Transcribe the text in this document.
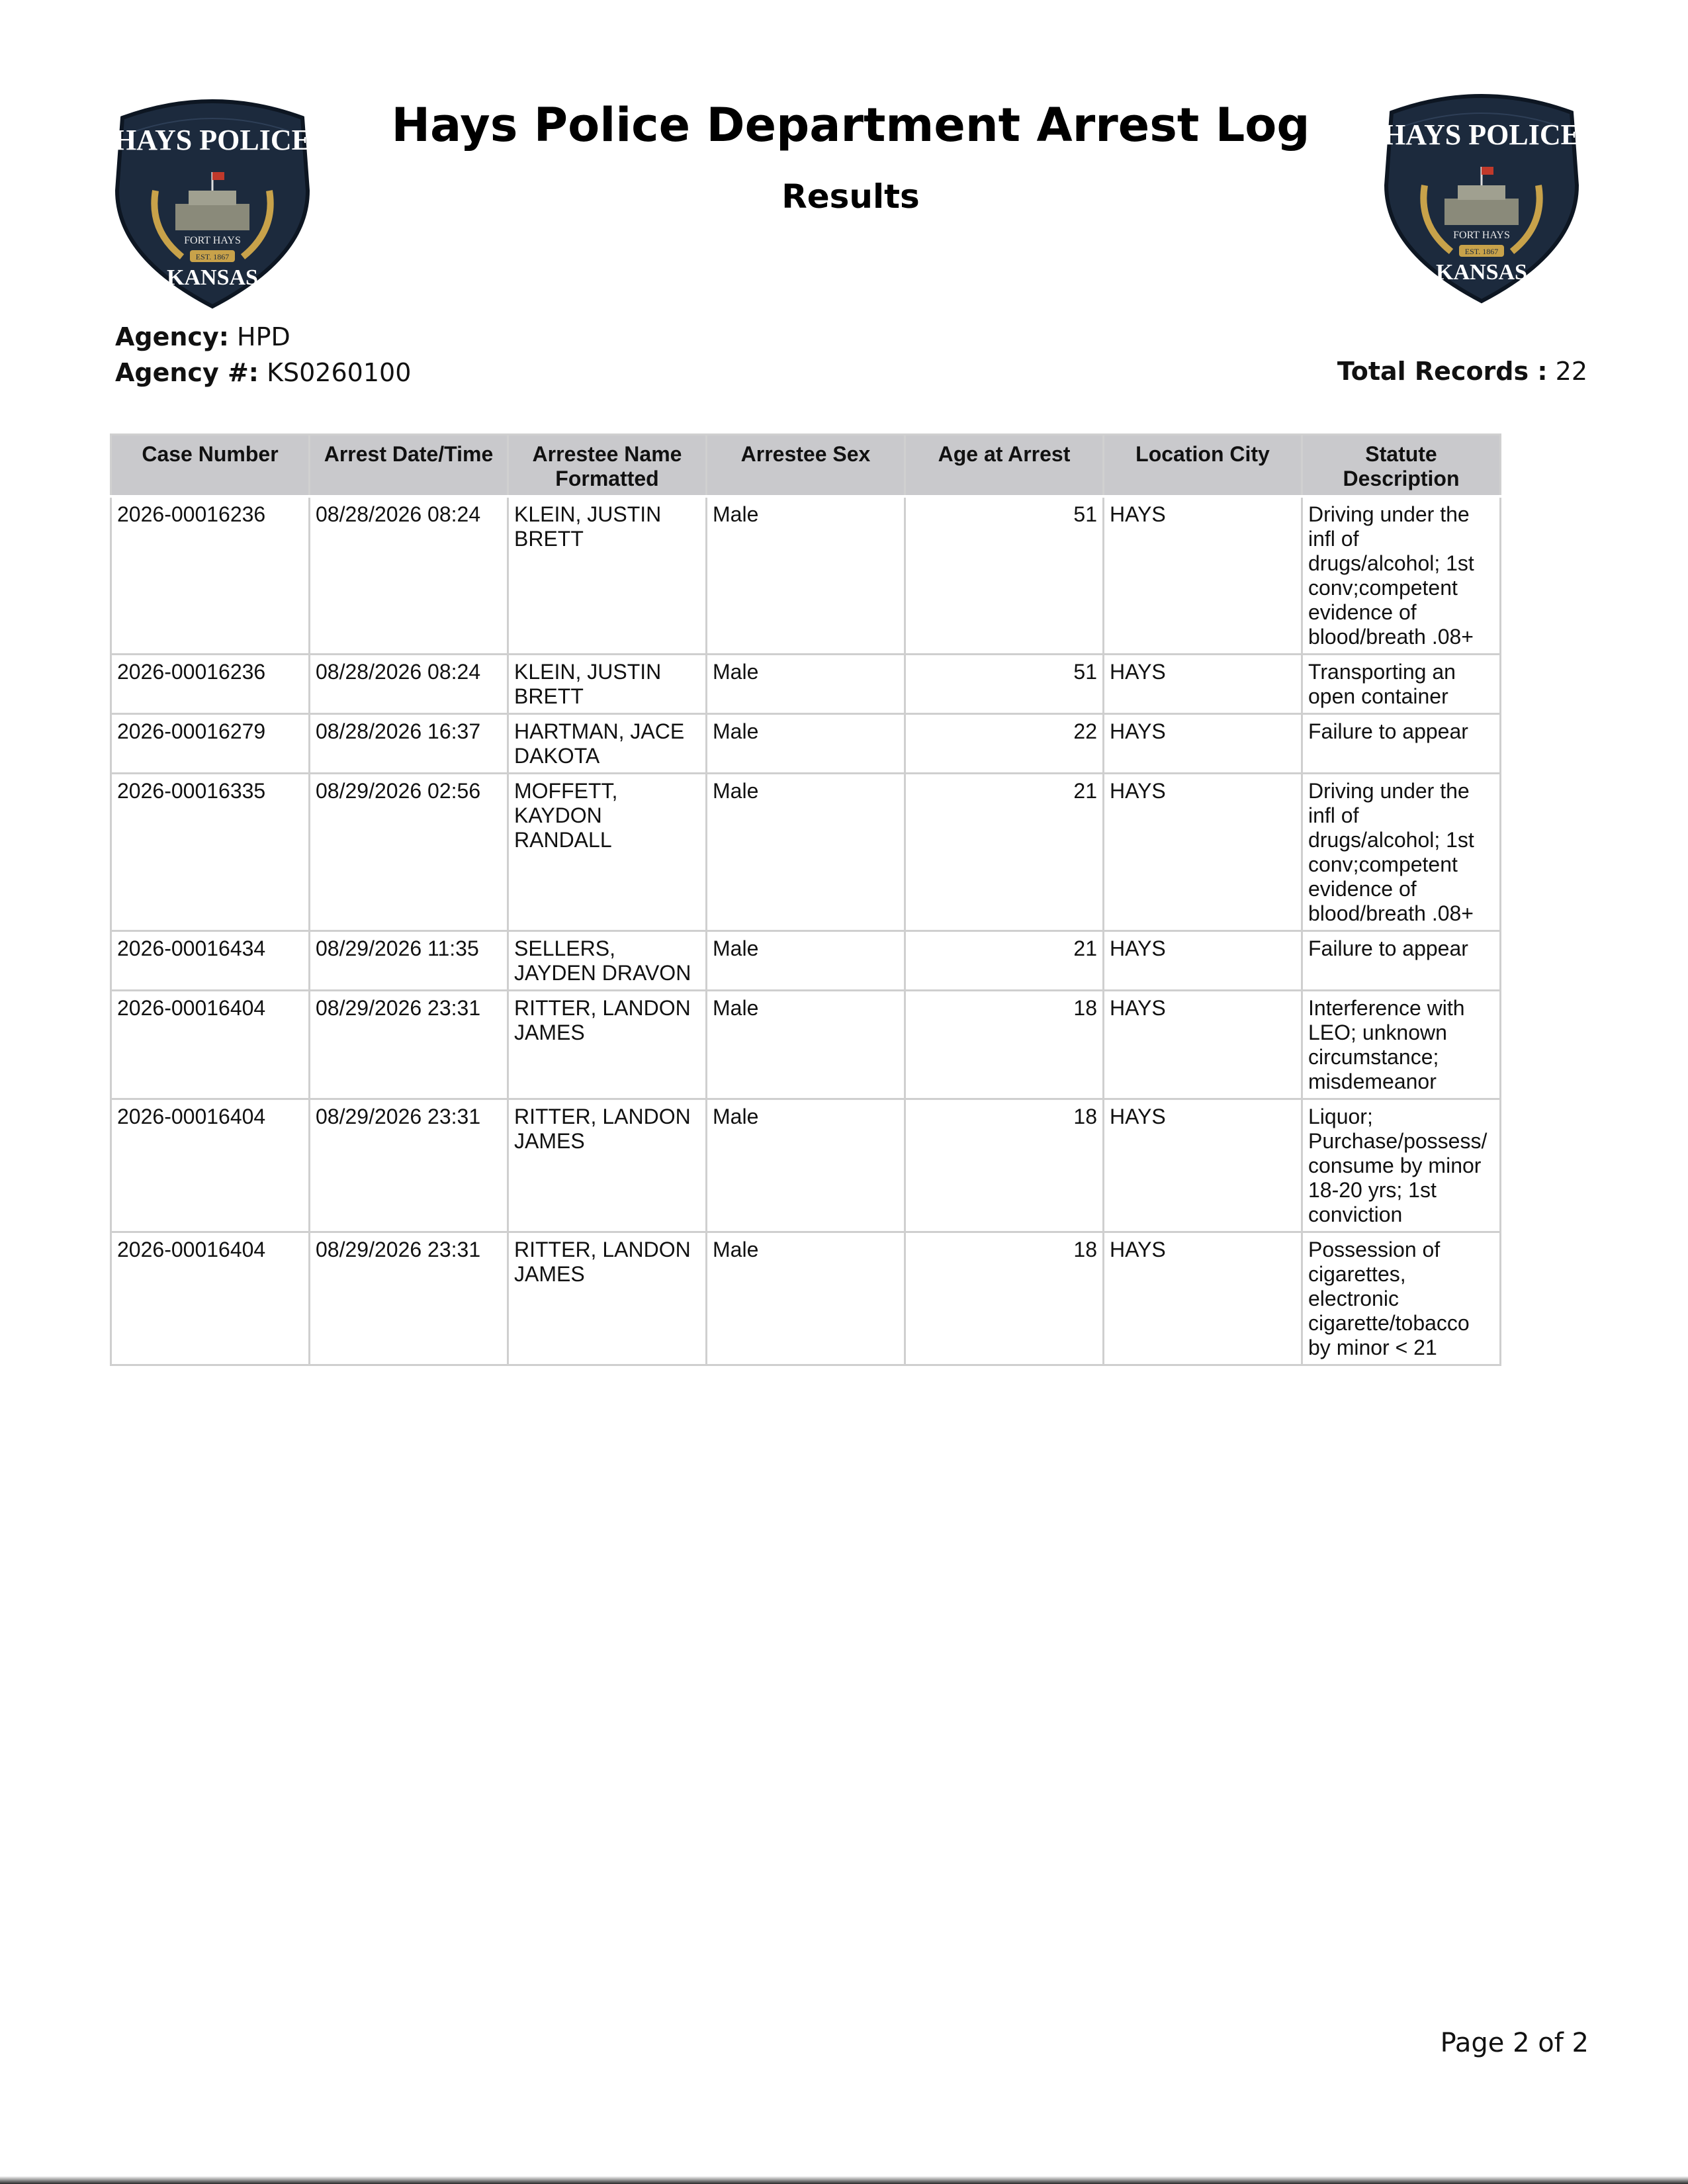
HAYS POLICE
FORT HAYS
EST. 1867
KANSAS
HAYS POLICE
FORT HAYS
EST. 1867
KANSAS
Hays Police Department Arrest Log
Results
Agency: HPD
Agency #: KS0260100	Total Records : 22
Case Number	Arrest Date/Time	Arrestee Name Formatted	Arrestee Sex	Age at Arrest	Location City	Statute Description
2026-00016236	08/28/2026 08:24	KLEIN, JUSTIN BRETT	Male	51	HAYS	Driving under the infl of drugs/alcohol; 1st conv;competent evidence of blood/breath .08+
2026-00016236	08/28/2026 08:24	KLEIN, JUSTIN BRETT	Male	51	HAYS	Transporting an open container
2026-00016279	08/28/2026 16:37	HARTMAN, JACE DAKOTA	Male	22	HAYS	Failure to appear
2026-00016335	08/29/2026 02:56	MOFFETT, KAYDON RANDALL	Male	21	HAYS	Driving under the infl of drugs/alcohol; 1st conv;competent evidence of blood/breath .08+
2026-00016434	08/29/2026 11:35	SELLERS, JAYDEN DRAVON	Male	21	HAYS	Failure to appear
2026-00016404	08/29/2026 23:31	RITTER, LANDON JAMES	Male	18	HAYS	Interference with LEO; unknown circumstance; misdemeanor
2026-00016404	08/29/2026 23:31	RITTER, LANDON JAMES	Male	18	HAYS	Liquor; Purchase/possess/ consume by minor 18-20 yrs; 1st conviction
2026-00016404	08/29/2026 23:31	RITTER, LANDON JAMES	Male	18	HAYS	Possession of cigarettes, electronic cigarette/tobacco by minor < 21
Page 2 of 2
